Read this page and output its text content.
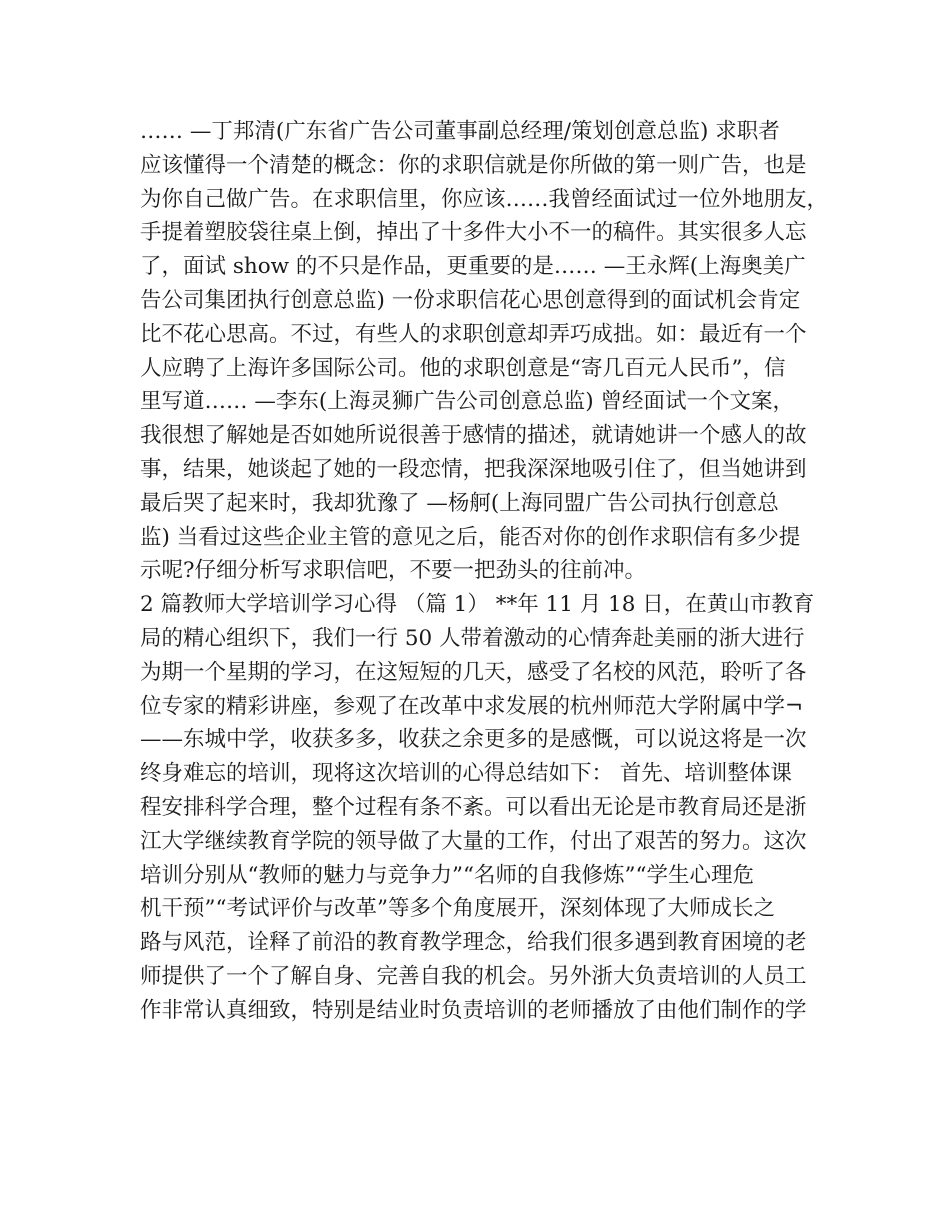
…… —丁邦清(广东省广告公司董事副总经理/策划创意总监) 求职者
应该懂得一个清楚的概念：你的求职信就是你所做的第一则广告，也是
为你自己做广告。在求职信里，你应该……我曾经面试过一位外地朋友，
手提着塑胶袋往桌上倒，掉出了十多件大小不一的稿件。其实很多人忘
了，面试 show 的不只是作品，更重要的是…… —王永辉(上海奥美广
告公司集团执行创意总监) 一份求职信花心思创意得到的面试机会肯定
比不花心思高。不过，有些人的求职创意却弄巧成拙。如：最近有一个
人应聘了上海许多国际公司。他的求职创意是“寄几百元人民币”，信
里写道…… —李东(上海灵狮广告公司创意总监) 曾经面试一个文案，
我很想了解她是否如她所说很善于感情的描述，就请她讲一个感人的故
事，结果，她谈起了她的一段恋情，把我深深地吸引住了，但当她讲到
最后哭了起来时，我却犹豫了 —杨舸(上海同盟广告公司执行创意总
监) 当看过这些企业主管的意见之后，能否对你的创作求职信有多少提
示呢?仔细分析写求职信吧，不要一把劲头的往前冲。
2 篇教师大学培训学习心得 （篇 1） **年 11 月 18 日，在黄山市教育
局的精心组织下，我们一行 50 人带着激动的心情奔赴美丽的浙大进行
为期一个星期的学习，在这短短的几天，感受了名校的风范，聆听了各
位专家的精彩讲座，参观了在改革中求发展的杭州师范大学附属中学¬
——东城中学，收获多多，收获之余更多的是感慨，可以说这将是一次
终身难忘的培训，现将这次培训的心得总结如下： 首先、培训整体课
程安排科学合理，整个过程有条不紊。可以看出无论是市教育局还是浙
江大学继续教育学院的领导做了大量的工作，付出了艰苦的努力。这次
培训分别从“教师的魅力与竞争力”“名师的自我修炼”“学生心理危
机干预”“考试评价与改革”等多个角度展开，深刻体现了大师成长之
路与风范，诠释了前沿的教育教学理念，给我们很多遇到教育困境的老
师提供了一个了解自身、完善自我的机会。另外浙大负责培训的人员工
作非常认真细致，特别是结业时负责培训的老师播放了由他们制作的学
